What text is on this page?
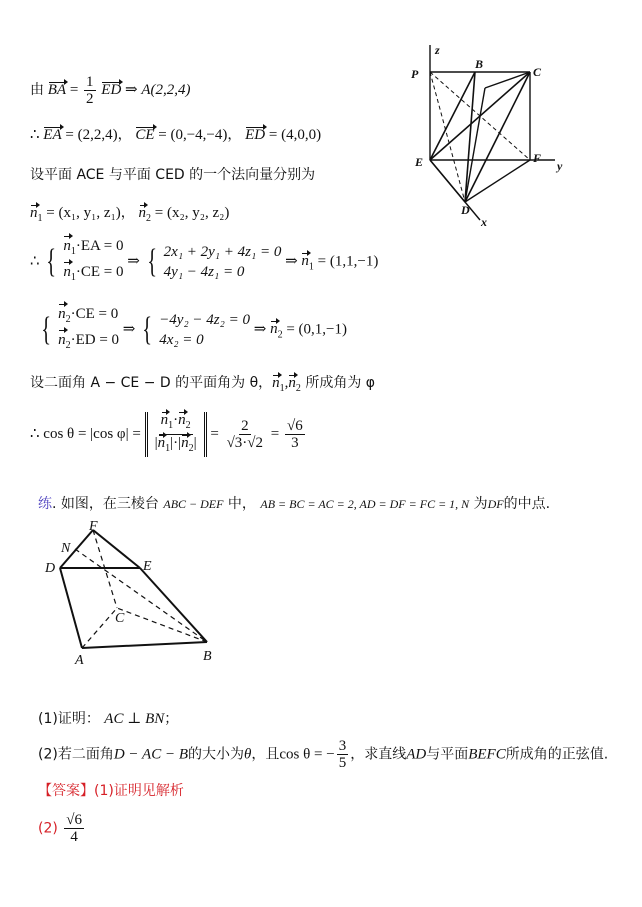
由 BA = $\frac{1}{2}$ ED ⇒ A(2,2,4)
∴ EA = (2,2,4)， CE = (0,−4,−4)， ED = (4,0,0)
设平面 ACE 与平面 CED 的一个法向量分别为
$n_1 = (x_1$, y₁, z₁)， $n_2 = (x_2$, y₂, z₂)
∴ { $n_1\cdot EA = 0$
$n_1\cdot CE = 0$
⇒ { 2x₁ + 2y₁ + 4z₁ = 0
4y₁ − 4z₁ = 0
⇒ $n_1 = (1,1,-1)$
{ $n_2\cdot CE = 0$
$n_2\cdot ED = 0$
⇒ { −4y₂ − 4z₂ = 0
4x₂ = 0
⇒ $n_2 = (0,1,-1)$
设二面角 A − CE − D 的平面角为 θ，$n_1,n_2$ 所成角为 φ
∴ cos θ = |cos $\varphi| = \frac{n_1\cdot n_2}{|n_1|\cdot|n_2|} = \frac{2}{√3\cdot√2} = \frac{√6}{3}$
z
P
B
C
E	F
y
D
x
练. 如图，在三棱台 ABC − DEF 中， AB = BC = AC = 2, AD = DF = FC = 1, N 为DF的中点.
F
N
D	E
C
A	B
(1)证明： AC ⊥ BN；
(2)若二面角D − AC − B的大小为θ，且cos θ = − $\frac{3}{5}$ ，求直线AD与平面BEFC所成角的正弦值.
【答案】(1)证明见解析
$(2) \frac{√6}{4}$
